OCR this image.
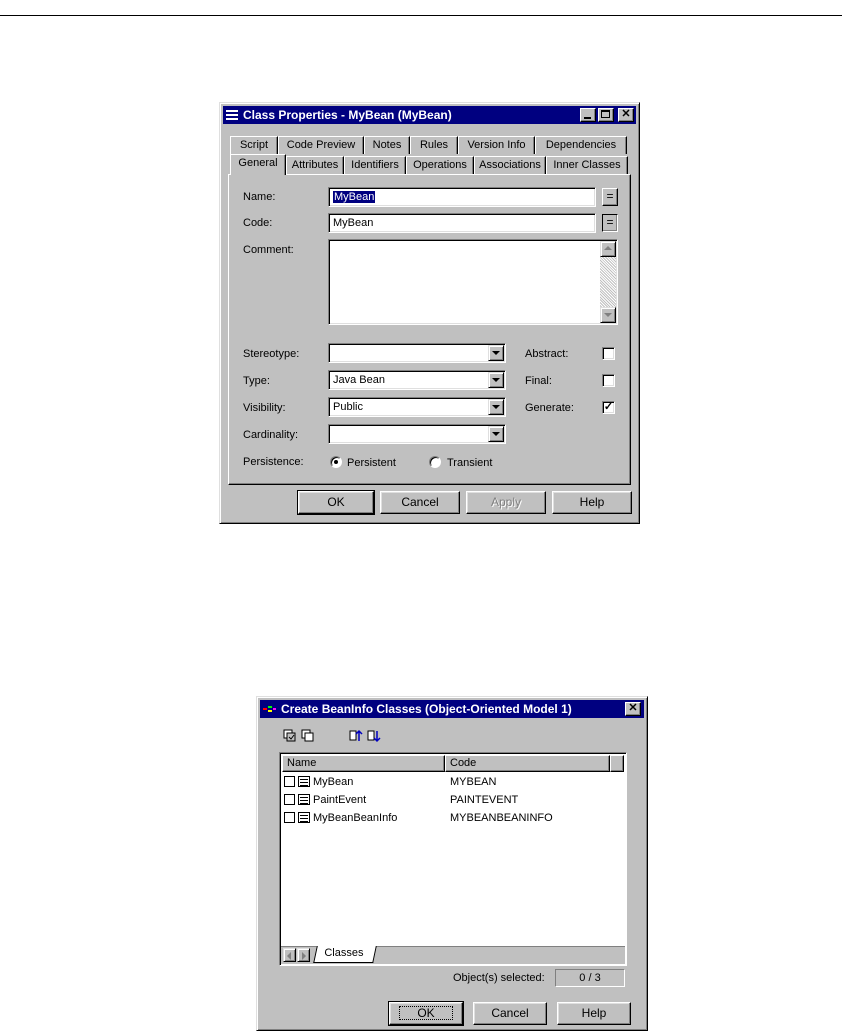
Class Properties - MyBean (MyBean)	✕
Script	Code Preview	Notes	Rules	Version Info	Dependencies
General	Attributes	Identifiers	Operations	Associations	Inner Classes
Name:	MyBean	=
Code:	MyBean	=
Comment:
Stereotype:	Abstract:
Type:	Java Bean	Final:
Visibility:	Public	Generate:	✓
Cardinality:
Persistence:	Persistent	Transient
OK	Cancel	Apply	Help
Create BeanInfo Classes (Object-Oriented Model 1)	✕
Name	Code
MyBean	MYBEAN
PaintEvent	PAINTEVENT
MyBeanBeanInfo	MYBEANBEANINFO
Classes
Object(s) selected:	0 / 3
OK	Cancel	Help
